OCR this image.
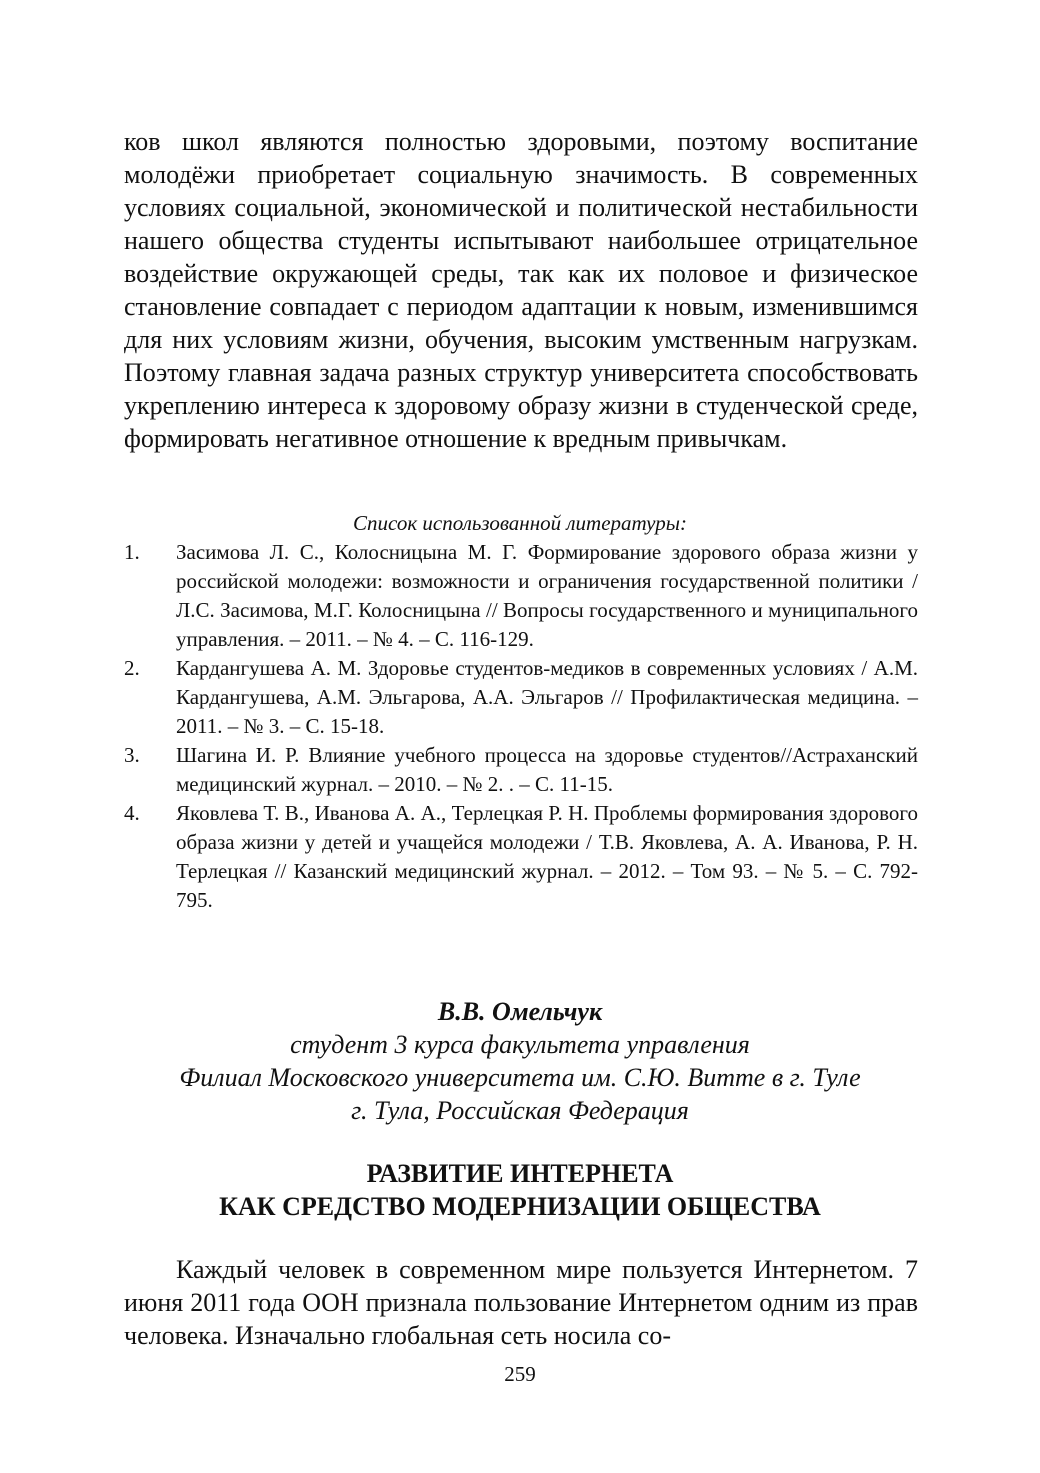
ков школ являются полностью здоровыми, поэтому воспитание молодёжи приобретает социальную значимость. В современных условиях социальной, экономической и политической нестабильности нашего общества студенты испытывают наибольшее отрицательное воздействие окружающей среды, так как их половое и физическое становление совпадает с периодом адаптации к новым, изменившимся для них условиям жизни, обучения, высоким умственным нагрузкам. Поэтому главная задача разных структур университета способствовать укреплению интереса к здоровому образу жизни в студенческой среде, формировать негативное отношение к вредным привычкам.

Список использованной литературы:

1. Засимова Л. С., Колосницына М. Г. Формирование здорового образа жизни у российской молодежи: возможности и ограничения государственной политики / Л.С. Засимова, М.Г. Колосницына // Вопросы государственного и муниципального управления. – 2011. – № 4. – С. 116-129.
2. Кардангушева А. М. Здоровье студентов-медиков в современных условиях / А.М. Кардангушева, А.М. Эльгарова, А.А. Эльгаров // Профилактическая медицина. – 2011. – № 3. – С. 15-18.
3. Шагина И. Р. Влияние учебного процесса на здоровье студентов//Астраханский медицинский журнал. – 2010. – № 2. . – С. 11-15.
4. Яковлева Т. В., Иванова А. А., Терлецкая Р. Н. Проблемы формирования здорового образа жизни у детей и учащейся молодежи / Т.В. Яковлева, А. А. Иванова, Р. Н. Терлецкая // Казанский медицинский журнал. – 2012. – Том 93. – № 5. – С. 792-795.
В.В. Омельчук
студент 3 курса факультета управления
Филиал Московского университета им. С.Ю. Витте в г. Туле
г. Тула, Российская Федерация
РАЗВИТИЕ ИНТЕРНЕТА
КАК СРЕДСТВО МОДЕРНИЗАЦИИ ОБЩЕСТВА

Каждый человек в современном мире пользуется Интернетом. 7 июня 2011 года ООН признала пользование Интернетом одним из прав человека. Изначально глобальная сеть носила со-

259
